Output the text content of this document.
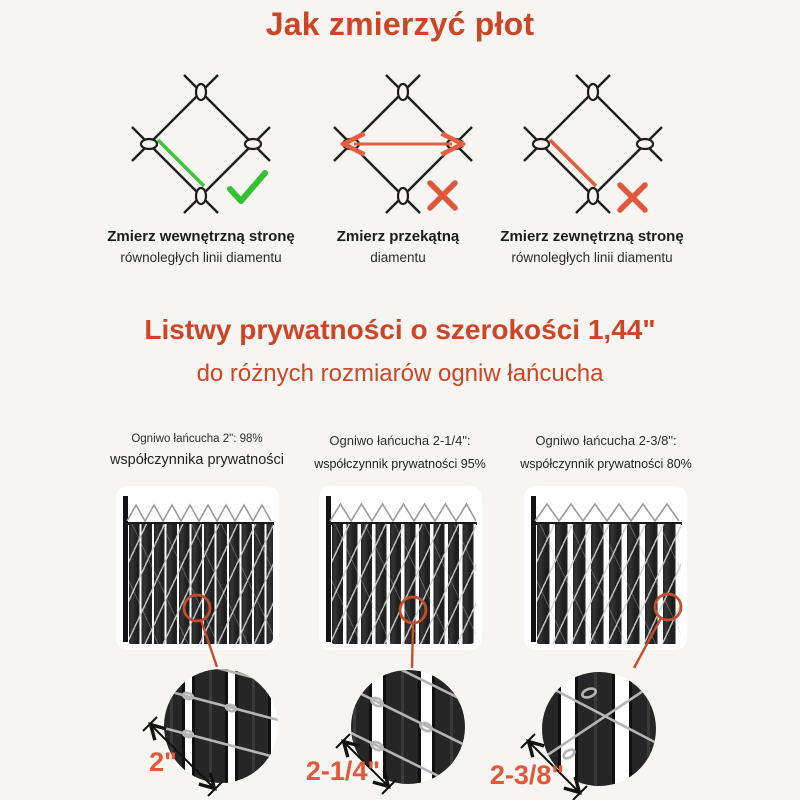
Jak zmierzyć płot
Zmierz wewnętrzną stronę
równoległych linii diamentu
Zmierz przekątną
diamentu
Zmierz zewnętrzną stronę
równoległych linii diamentu
Listwy prywatności o szerokości 1,44"
do różnych rozmiarów ogniw łańcucha
Ogniwo łańcucha 2": 98%
współczynnika prywatności
Ogniwo łańcucha 2-1/4":
współczynnik prywatności 95%
Ogniwo łańcucha 2-3/8":
współczynnik prywatności 80%
2"	2-1/4"	2-3/8"
